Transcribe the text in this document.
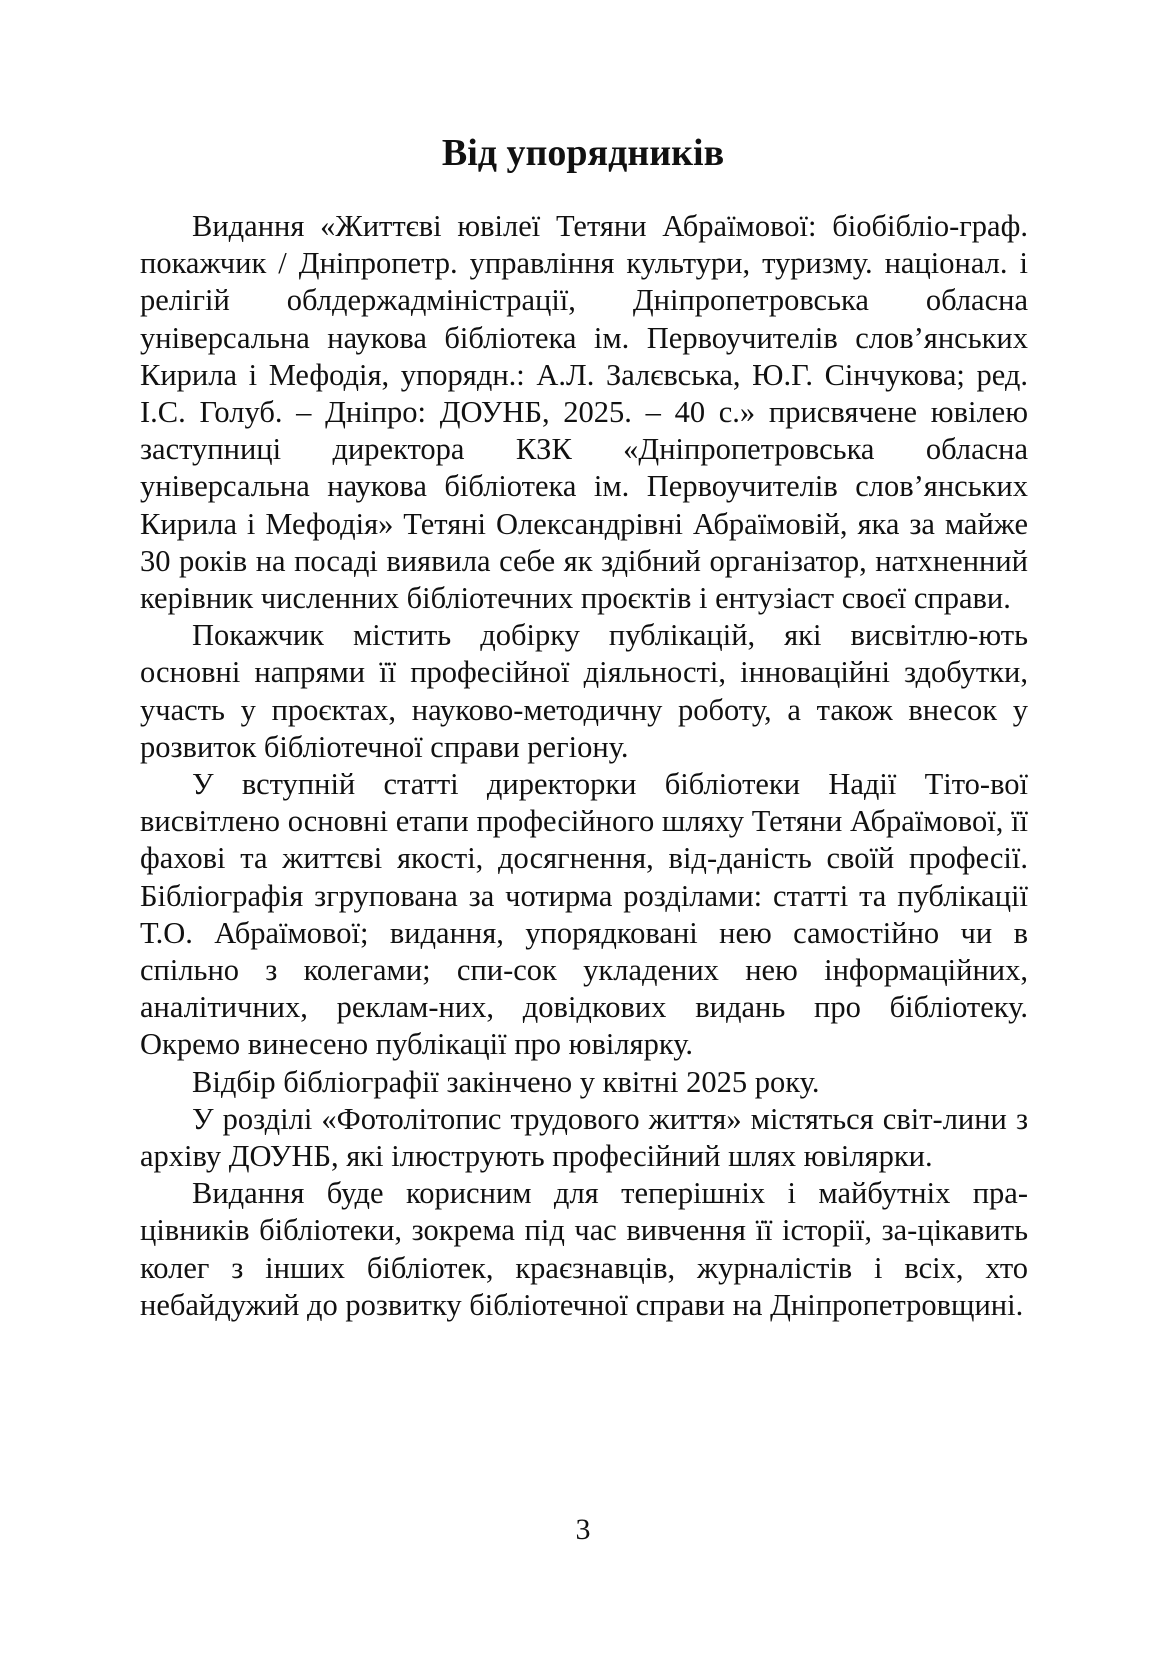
Від упорядників

Видання «Життєві ювілеї Тетяни Абраїмової: біобібліо-граф. покажчик / Дніпропетр. управління культури, туризму. націонал. і релігій облдержадміністрації, Дніпропетровська обласна універсальна наукова бібліотека ім. Первоучителів слов’янських Кирила і Мефодія, упорядн.: А.Л. Залєвська, Ю.Г. Сінчукова; ред. І.С. Голуб. – Дніпро: ДОУНБ, 2025. – 40 с.» присвячене ювілею заступниці директора КЗК «Дніпропетровська обласна універсальна наукова бібліотека ім. Первоучителів слов’янських Кирила і Мефодія» Тетяні Олександрівні Абраїмовій, яка за майже 30 років на посаді виявила себе як здібний організатор, натхненний керівник численних бібліотечних проєктів і ентузіаст своєї справи.

Покажчик містить добірку публікацій, які висвітлю-ють основні напрями її професійної діяльності, інноваційні здобутки, участь у проєктах, науково-методичну роботу, а також внесок у розвиток бібліотечної справи регіону.

У вступній статті директорки бібліотеки Надії Тіто-вої висвітлено основні етапи професійного шляху Тетяни Абраїмової, її фахові та життєві якості, досягнення, від-даність своїй професії. Бібліографія згрупована за чотирма розділами: статті та публікації Т.О. Абраїмової; видання, упорядковані нею самостійно чи в спільно з колегами; спи-сок укладених нею інформаційних, аналітичних, реклам-них, довідкових видань про бібліотеку. Окремо винесено публікації про ювілярку.

Відбір бібліографії закінчено у квітні 2025 року.

У розділі «Фотолітопис трудового життя» містяться світ-лини з архіву ДОУНБ, які ілюструють професійний шлях ювілярки.

Видання буде корисним для теперішніх і майбутніх пра-цівників бібліотеки, зокрема під час вивчення її історії, за-цікавить колег з інших бібліотек, краєзнавців, журналістів і всіх, хто небайдужий до розвитку бібліотечної справи на Дніпропетровщині.

3
